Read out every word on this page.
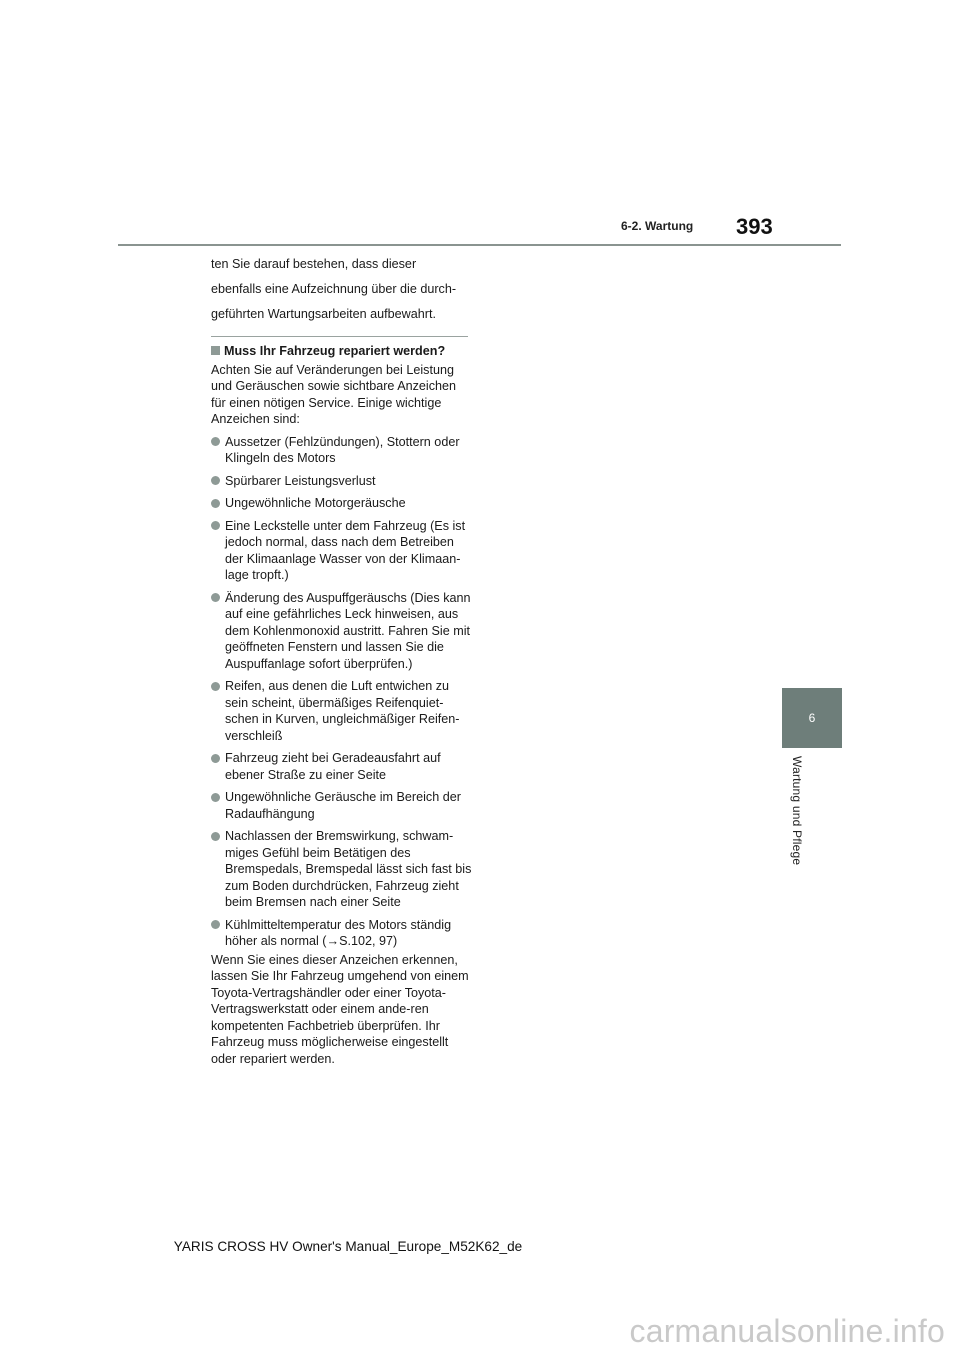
6-2. Wartung	393
6
Wartung und Pflege

ten Sie darauf bestehen, dass dieser

ebenfalls eine Aufzeichnung über die durch-

geführten Wartungsarbeiten aufbewahrt.

Muss Ihr Fahrzeug repariert werden?

Achten Sie auf Veränderungen bei Leistung und Geräuschen sowie sichtbare Anzeichen für einen nötigen Service. Einige wichtige Anzeichen sind:

Aussetzer (Fehlzündungen), Stottern oder Klingeln des Motors
Spürbarer Leistungsverlust
Ungewöhnliche Motorgeräusche
Eine Leckstelle unter dem Fahrzeug (Es ist jedoch normal, dass nach dem Betreiben der Klimaanlage Wasser von der Klimaan-lage tropft.)
Änderung des Auspuffgeräuschs (Dies kann auf eine gefährliches Leck hinweisen, aus dem Kohlenmonoxid austritt. Fahren Sie mit geöffneten Fenstern und lassen Sie die Auspuffanlage sofort überprüfen.)
Reifen, aus denen die Luft entwichen zu sein scheint, übermäßiges Reifenquiet-schen in Kurven, ungleichmäßiger Reifen-verschleiß
Fahrzeug zieht bei Geradeausfahrt auf ebener Straße zu einer Seite
Ungewöhnliche Geräusche im Bereich der Radaufhängung
Nachlassen der Bremswirkung, schwam-miges Gefühl beim Betätigen des Bremspedals, Bremspedal lässt sich fast bis zum Boden durchdrücken, Fahrzeug zieht beim Bremsen nach einer Seite
Kühlmitteltemperatur des Motors ständig höher als normal (→S.102, 97)

Wenn Sie eines dieser Anzeichen erkennen, lassen Sie Ihr Fahrzeug umgehend von einem Toyota-Vertragshändler oder einer Toyota-Vertragswerkstatt oder einem ande-ren kompetenten Fachbetrieb überprüfen. Ihr Fahrzeug muss möglicherweise eingestellt oder repariert werden.

YARIS CROSS HV Owner's Manual_Europe_M52K62_de
carmanualsonline.info
